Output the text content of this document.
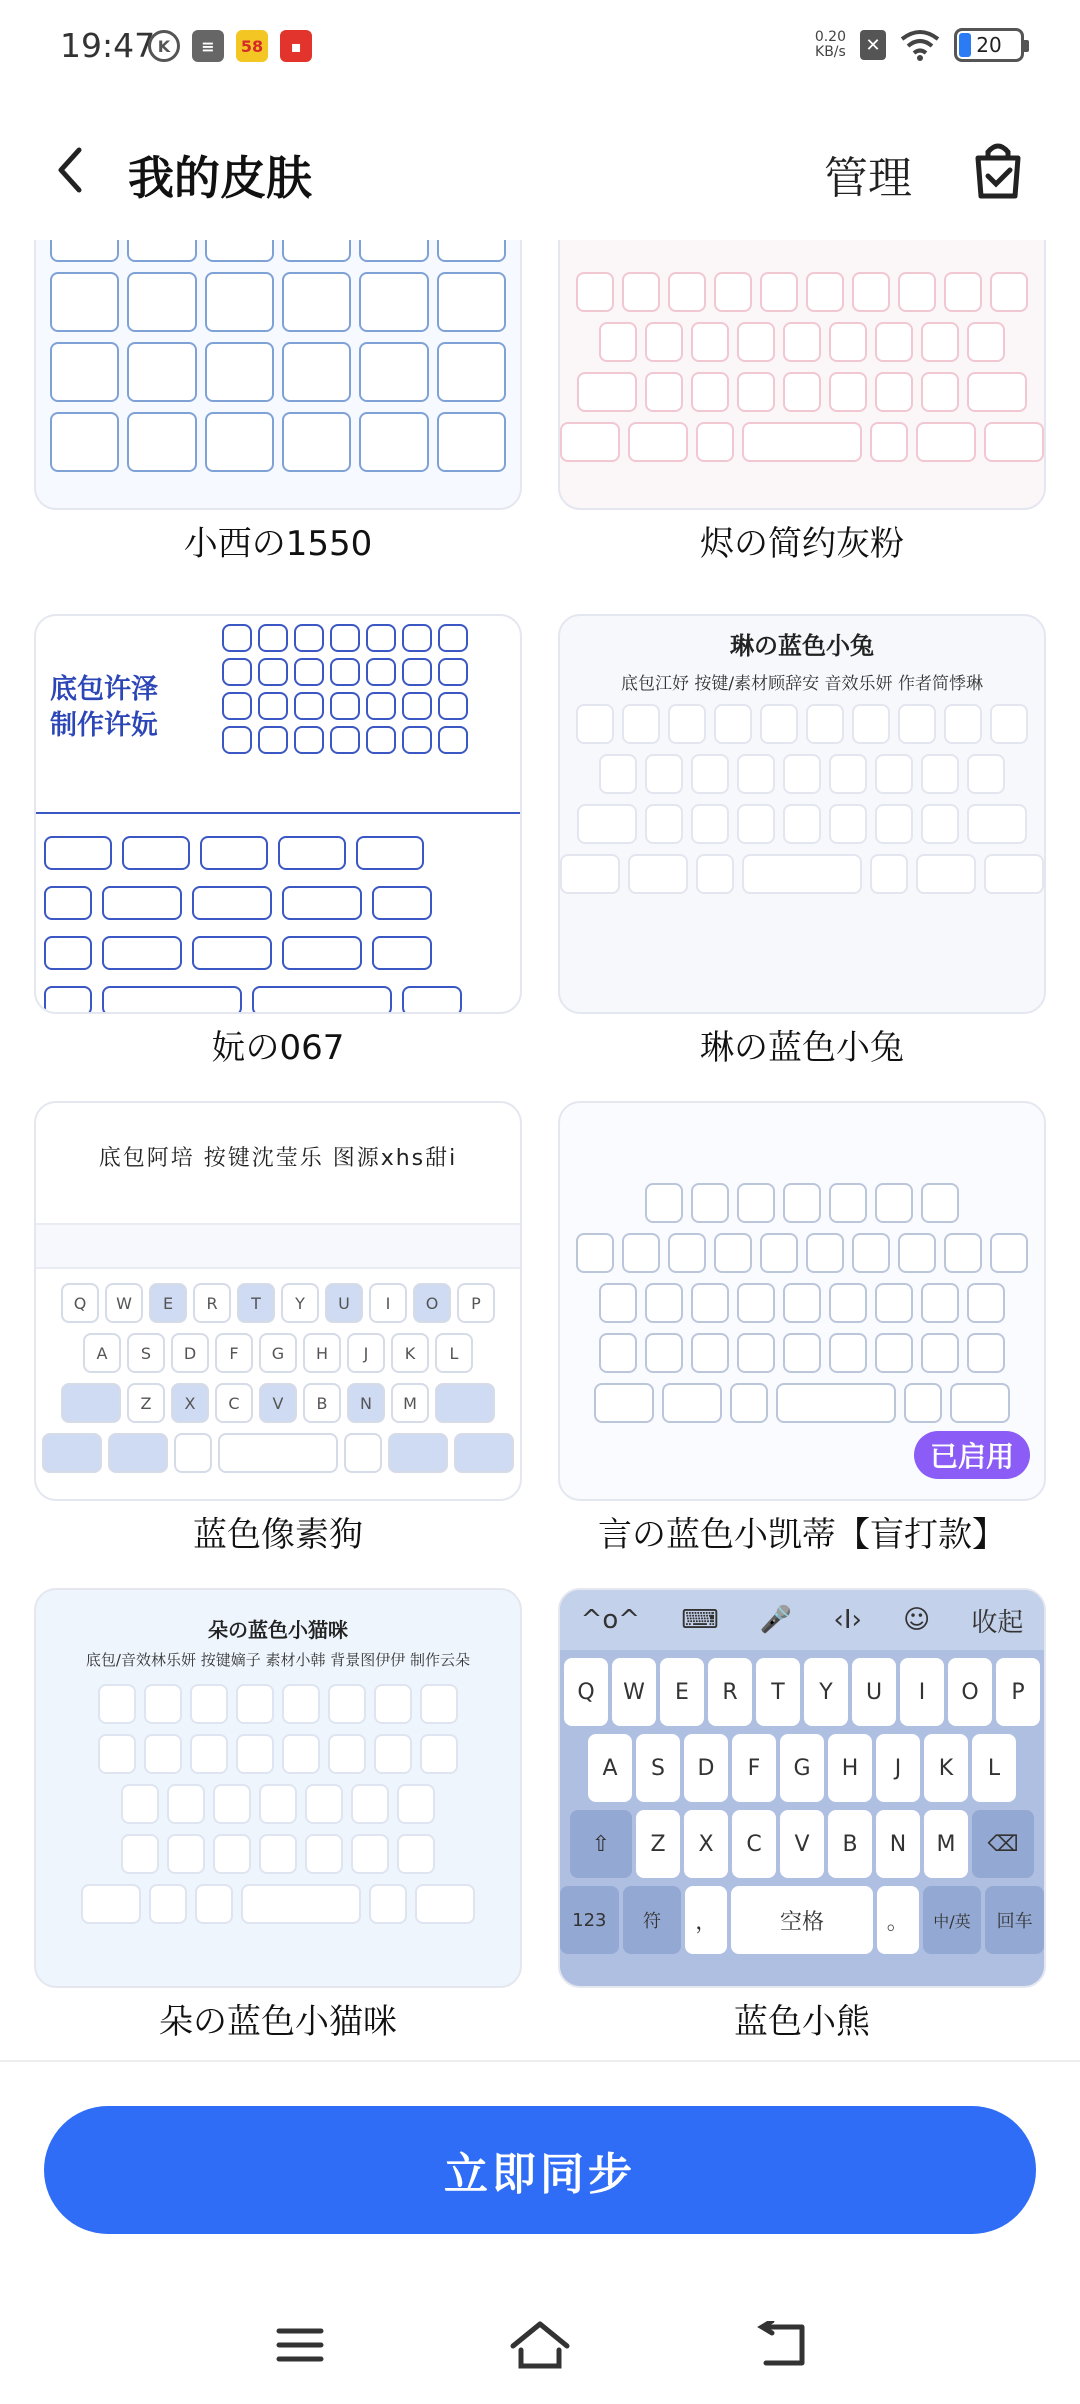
19:47 K	≡	58	▪	0.20
KB/s	✕	20
我的皮肤	管理
小西の1550	烬の简约灰粉
底包许泽
制作许妧
妧の067
琳の蓝色小兔
底包江妤 按键/素材顾辞安 音效乐妍 作者简悸琳
琳の蓝色小兔
底包阿培 按键沈莹乐 图源xhs甜i
Q	W	E	R	T	Y	U	I	O	P
A	S	D	F	G	H	J	K	L
Z	X	C	V	B	N	M
蓝色像素狗
已启用
言の蓝色小凯蒂【盲打款】
朵の蓝色小猫咪
底包/音效林乐妍 按键嫡子 素材小韩 背景图伊伊 制作云朵
朵の蓝色小猫咪
^o^ ⌨ 🎤 ‹I› ☺ 收起
Q	W	E	R	T	Y	U	I	O	P
A	S	D	F	G	H	J	K	L
⇧	Z	X	C	V	B	N	M	⌫
123	符	，	空格	。	中/英	回车
蓝色小熊
立即同步
